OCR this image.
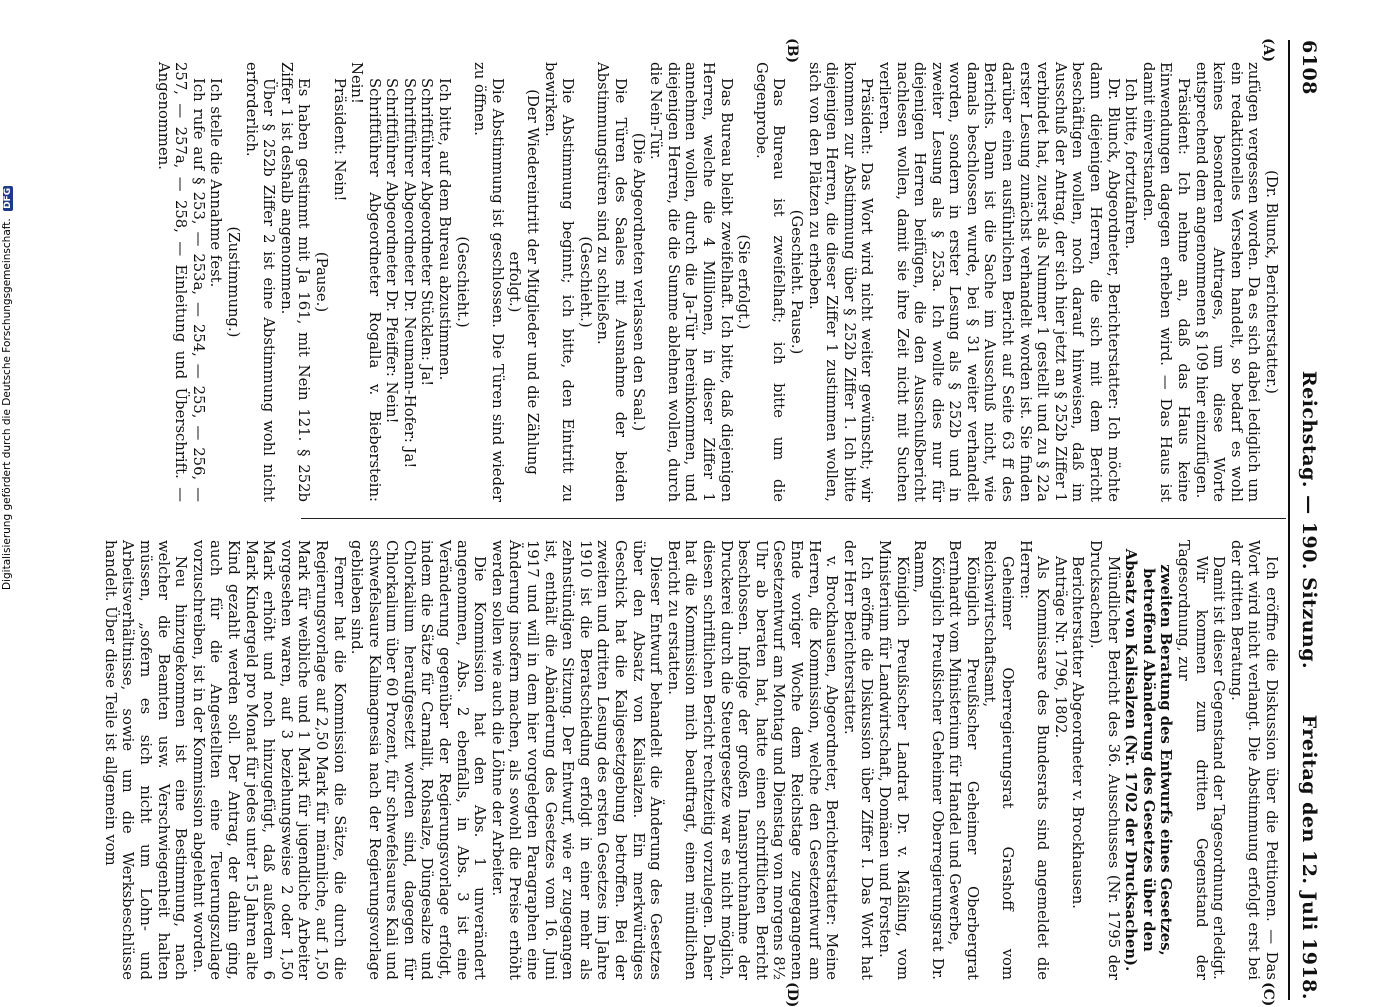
6108
Reichstag. — 190. Sitzung.
Freitag den 12. Juli 1918.
(A)
(B)
(C)
(D)

(Dr. Blunck, Berichterstatter.)

zufügen vergessen worden. Da es sich dabei lediglich um ein redaktionelles Versehen handelt, so bedarf es wohl keines besonderen Antrages, um diese Worte entsprechend dem angenommenen § 109 hier einzufügen.

Präsident: Ich nehme an, daß das Haus keine Einwendungen dagegen erheben wird. — Das Haus ist damit einverstanden.

Ich bitte, fortzufahren.

Dr. Blunck, Abgeordneter, Berichterstatter: Ich möchte dann diejenigen Herren, die sich mit dem Bericht beschäftigen wollen, noch darauf hinweisen, daß im Ausschuß der Antrag, der sich hier jetzt an § 252b Ziffer 1 verbindet hat, zuerst als Nummer 1 gestellt und zu § 22a erster Lesung zunächst verhandelt worden ist. Sie finden darüber einen ausführlichen Bericht auf Seite 63 ff des Berichts. Dann ist die Sache im Ausschuß nicht, wie damals beschlossen wurde, bei § 31 weiter verhandelt worden, sondern in erster Lesung als § 252b und in zweiter Lesung als § 253a. Ich wollte dies nur für diejenigen Herren beifügen, die den Ausschußbericht nachlesen wollen, damit sie ihre Zeit nicht mit Suchen verlieren.

Präsident: Das Wort wird nicht weiter gewünscht; wir kommen zur Abstimmung über § 252b Ziffer 1. Ich bitte diejenigen Herren, die dieser Ziffer 1 zustimmen wollen, sich von den Plätzen zu erheben.

(Geschieht. Pause.)

Das Bureau ist zweifelhaft; ich bitte um die Gegenprobe.

(Sie erfolgt.)

Das Bureau bleibt zweifelhaft. Ich bitte, daß diejenigen Herren, welche die 4 Millionen, in dieser Ziffer 1 annehmen wollen, durch die Ja-Tür hereinkommen, und diejenigen Herren, die die Summe ablehnen wollen, durch die Nein-Tür.

(Die Abgeordneten verlassen den Saal.)

Die Türen des Saales mit Ausnahme der beiden Abstimmungstüren sind zu schließen.

(Geschieht.)

Die Abstimmung beginnt; ich bitte, den Eintritt zu bewirken.

(Der Wiedereintritt der Mitglieder und die Zählung erfolgt.)

Die Abstimmung ist geschlossen. Die Türen sind wieder zu öffnen.

(Geschieht.)

Ich bitte, auf dem Bureau abzustimmen.

Schriftführer Abgeordneter Stücklen: Ja!

Schriftführer Abgeordneter Dr. Neumann-Hofer: Ja!

Schriftführer Abgeordneter Dr. Pfeiffer: Nein!

Schriftführer Abgeordneter Rogalla v. Bieberstein: Nein!

Präsident: Nein!

(Pause.)

Es haben gestimmt mit Ja 161, mit Nein 121. § 252b Ziffer 1 ist deshalb angenommen.

Über § 252b Ziffer 2 ist eine Abstimmung wohl nicht erforderlich.

(Zustimmung.)

Ich stelle die Annahme fest.

Ich rufe auf § 253, — 253a, — 254, — 255, — 256, — 257, — 257a, — 258, — Einleitung und Überschrift. — Angenommen.

Ich eröffne die Diskussion über die Petitionen. — Das Wort wird nicht verlangt. Die Abstimmung erfolgt erst bei der dritten Beratung.

Damit ist dieser Gegenstand der Tagesordnung erledigt.

Wir kommen zum dritten Gegenstand der Tagesordnung, zur

zweiten Beratung des Entwurfs eines Gesetzes, betreffend Abänderung des Gesetzes über den Absatz von Kalisalzen (Nr. 1702 der Drucksachen).

Mündlicher Bericht des 36. Ausschusses (Nr. 1795 der Drucksachen).

Berichterstatter Abgeordneter v. Brockhausen.

Anträge Nr. 1796, 1802.

Als Kommissare des Bundesrats sind angemeldet die Herren:

Geheimer Oberregierungsrat Grashoff vom Reichswirtschaftsamt,

Königlich Preußischer Geheimer Oberbergrat Bernhardt vom Ministerium für Handel und Gewerbe,

Königlich Preußischer Geheimer Oberregierungsrat Dr. Ramm,

Königlich Preußischer Landrat Dr. v. Mäßling, vom Ministerium für Landwirtschaft, Domänen und Forsten.

Ich eröffne die Diskussion über Ziffer I. Das Wort hat der Herr Berichterstatter.

v. Brockhausen, Abgeordneter, Berichterstatter: Meine Herren, die Kommission, welche den Gesetzentwurf am Ende voriger Woche dem Reichstage zugegangenen Gesetzentwurf am Montag und Dienstag von morgens 8½ Uhr ab beraten hat, hatte einen schriftlichen Bericht beschlossen. Infolge der großen Inanspruchnahme der Druckerei durch die Steuergesetze war es nicht möglich, diesen schriftlichen Bericht rechtzeitig vorzulegen. Daher hat die Kommission mich beauftragt, einen mündlichen Bericht zu erstatten.

Dieser Entwurf behandelt die Änderung des Gesetzes über den Absatz von Kalisalzen. Ein merkwürdiges Geschick hat die Kaligesetzgebung betroffen. Bei der zweiten und dritten Lesung des ersten Gesetzes im Jahre 1910 ist die Beratschiedung erfolgt in einer mehr als zehnstündigen Sitzung. Der Entwurf, wie er zugegangen ist, enthält die Abänderung des Gesetzes vom 16. Juni 1917 und will in dem hier vorgelegten Paragraphen eine Änderung insofern machen, als sowohl die Preise erhöht werden sollen wie auch die Löhne der Arbeiter.

Die Kommission hat den Abs. 1 unverändert angenommen, Abs. 2 ebenfalls, in Abs. 3 ist eine Veränderung gegenüber der Regierungsvorlage erfolgt, indem die Sätze für Carnallit, Rohsalze, Düngesalze und Chlorkalium heraufgesetzt worden sind, dagegen für Chlorkalium über 60 Prozent, für schwefelsaures Kali und schwefelsaure Kalimagnesia nach der Regierungsvorlage geblieben sind.

Ferner hat die Kommission die Sätze, die durch die Regierungsvorlage auf 2,50 Mark für männliche, auf 1,50 Mark für weibliche und 1 Mark für jugendliche Arbeiter vorgesehen waren, auf 3 beziehungsweise 2 oder 1,50 Mark erhöht und noch hinzugefügt, daß außerdem 6 Mark Kindergeld pro Monat für jedes unter 15 Jahren alte Kind gezahlt werden soll. Der Antrag, der dahin ging, auch für die Angestellten eine Teuerungszulage vorzuschreiben, ist in der Kommission abgelehnt worden.

Neu hinzugekommen ist eine Bestimmung, nach welcher die Beamten usw. Verschwiegenheit halten müssen, „sofern es sich nicht um Lohn- und Arbeitsverhältnisse, sowie um die Werksbeschlüsse handelt. Über diese Teile ist allgemein vom

Digitalisierung gefördert durch die Deutsche Forschungsgemeinschaft. DFG
